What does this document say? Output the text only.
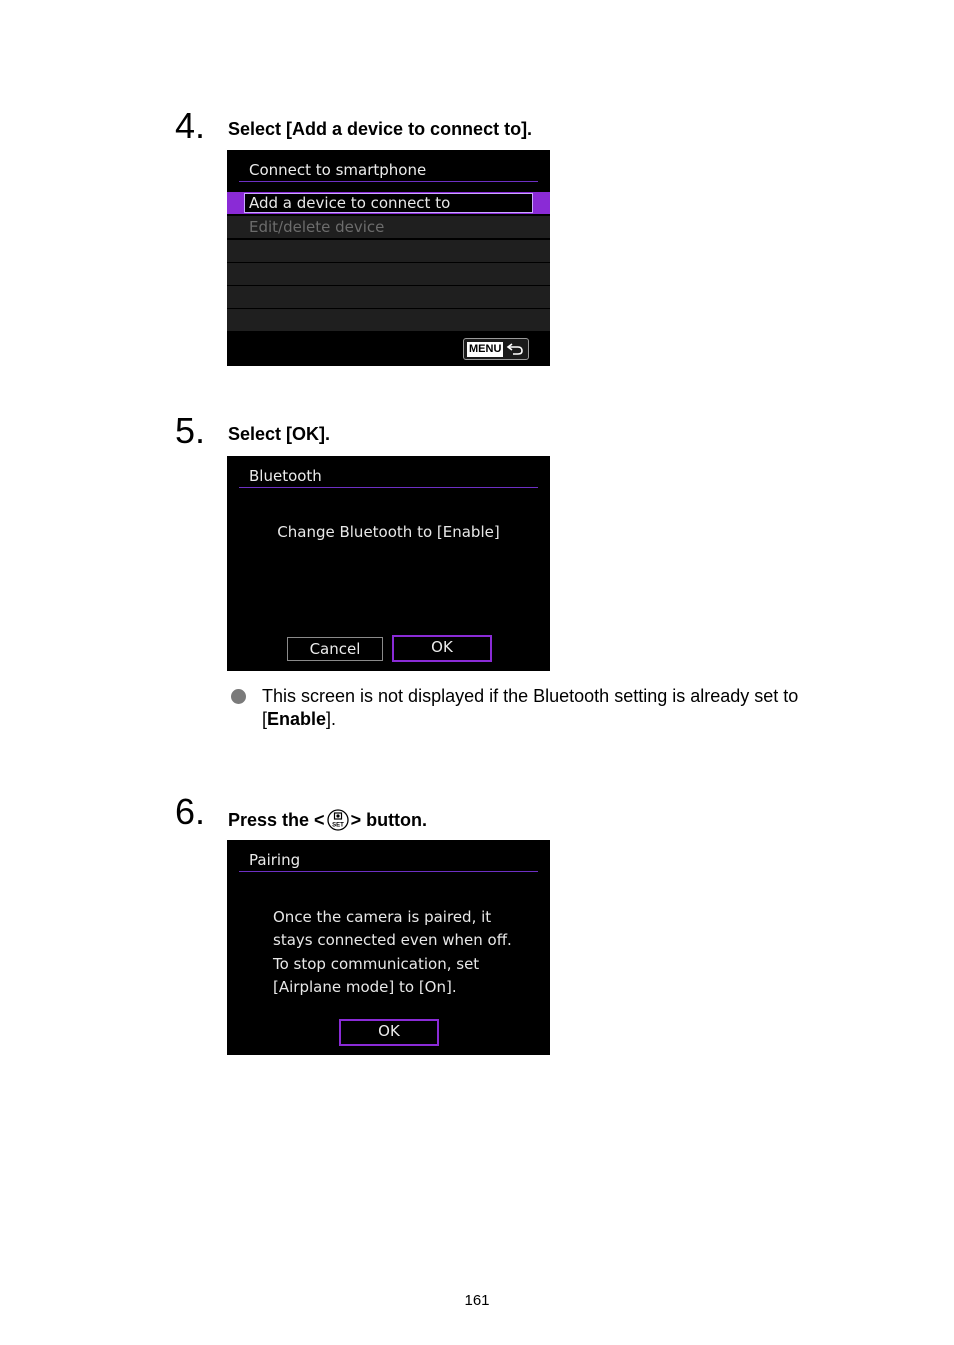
4. Select [Add a device to connect to].
Connect to smartphone
Add a device to connect to
Edit/delete device
MENU
5. Select [OK].
Bluetooth
Change Bluetooth to [Enable]
Cancel	OK
This screen is not displayed if the Bluetooth setting is already set to [Enable].
6. Press the < SET > button.
Pairing
Once the camera is paired, it
stays connected even when off.
To stop communication, set
[Airplane mode] to [On].
OK
161
